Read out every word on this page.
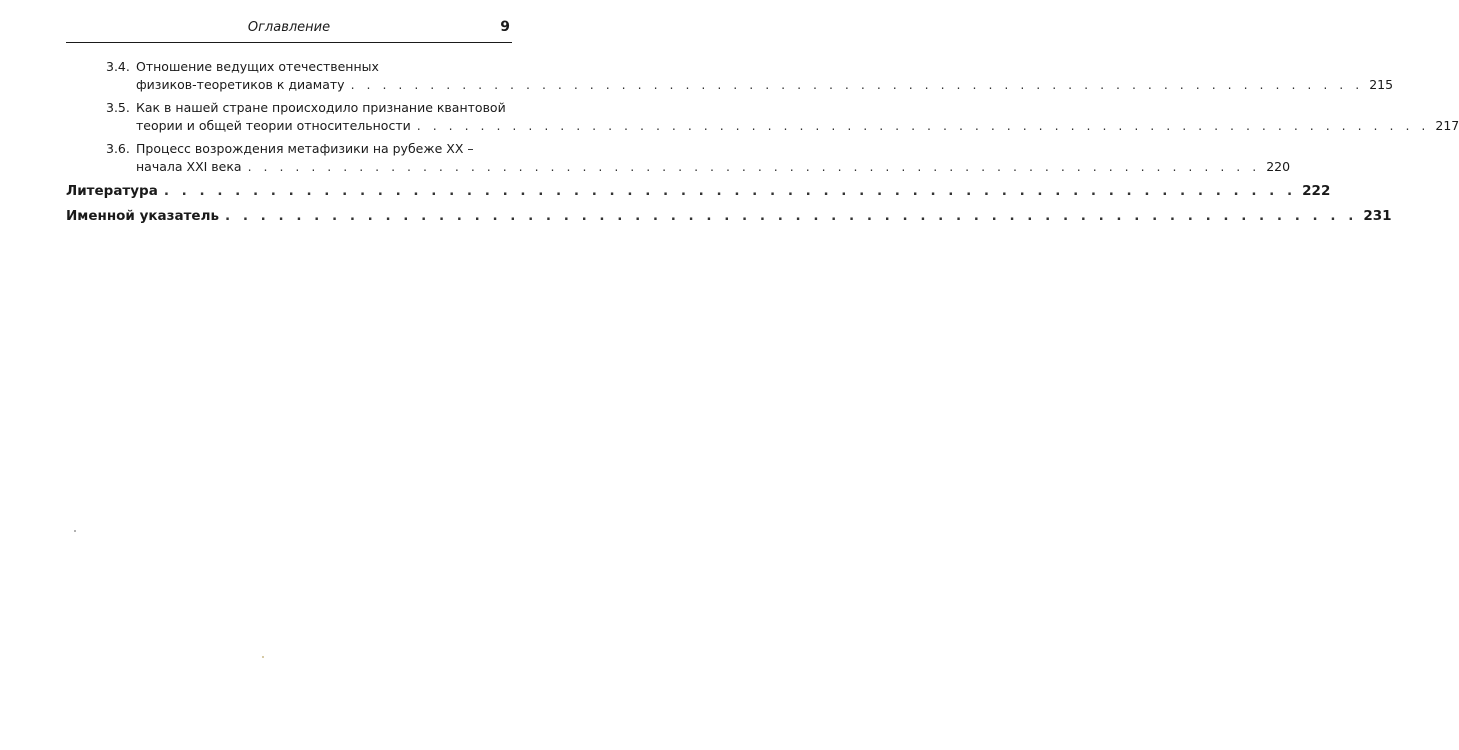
Оглавление	9
3.4. Отношение ведущих отечественных
физиков-теоретиков к диамату . . . . . . . . . . . . . . . . . . . . . . . . . . . . . . . . . . . . . . . . . . . . . . . . . . . . . . . . . . . . . . . . 215
3.5. Как в нашей стране происходило признание квантовой
теории и общей теории относительности . . . . . . . . . . . . . . . . . . . . . . . . . . . . . . . . . . . . . . . . . . . . . . . . . . . . . . . . . . . . . . . . 217
3.6. Процесс возрождения метафизики на рубеже XX –
начала XXI века . . . . . . . . . . . . . . . . . . . . . . . . . . . . . . . . . . . . . . . . . . . . . . . . . . . . . . . . . . . . . . . . 220
Литература . . . . . . . . . . . . . . . . . . . . . . . . . . . . . . . . . . . . . . . . . . . . . . . . . . . . . . . . . . . . . . . . 222
Именной указатель . . . . . . . . . . . . . . . . . . . . . . . . . . . . . . . . . . . . . . . . . . . . . . . . . . . . . . . . . . . . . . . . 231
